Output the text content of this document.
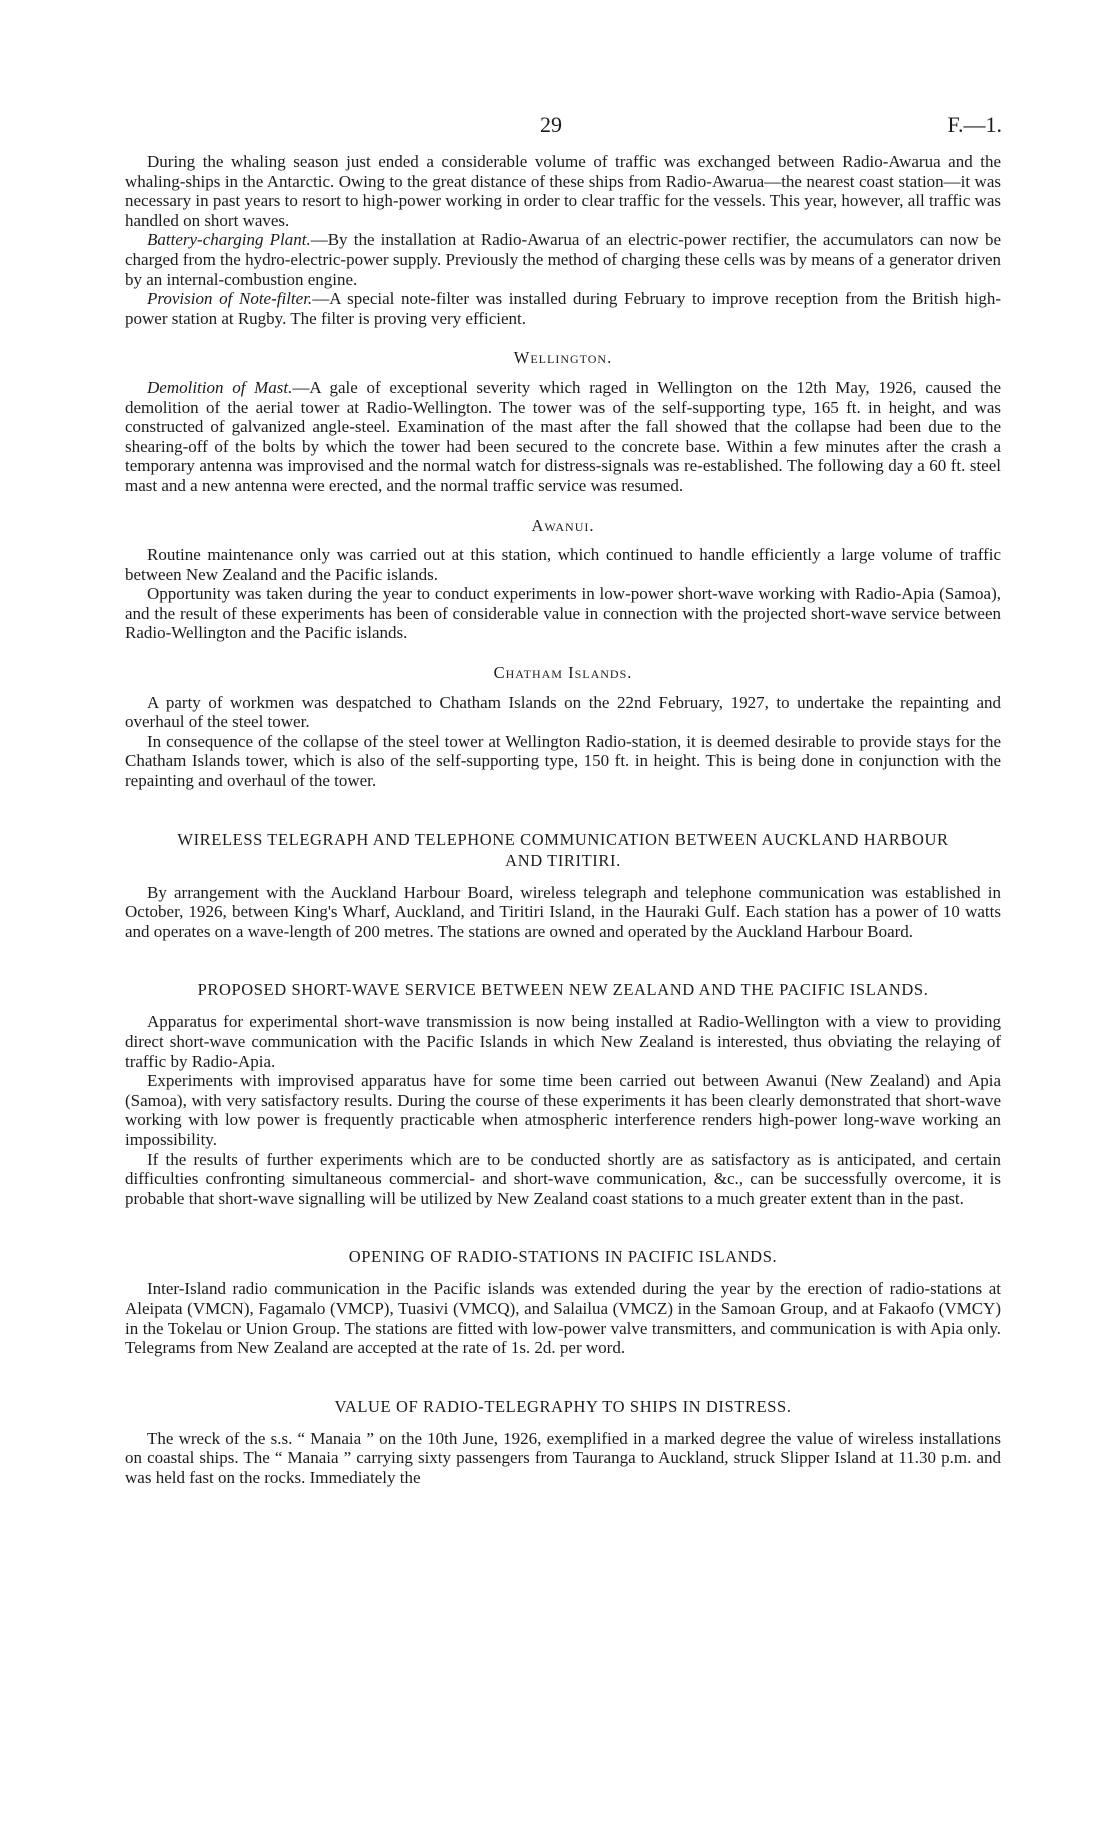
29	F.—1.

During the whaling season just ended a considerable volume of traffic was exchanged between Radio-Awarua and the whaling-ships in the Antarctic. Owing to the great distance of these ships from Radio-Awarua—the nearest coast station—it was necessary in past years to resort to high-power working in order to clear traffic for the vessels. This year, however, all traffic was handled on short waves.

Battery-charging Plant.—By the installation at Radio-Awarua of an electric-power rectifier, the accumulators can now be charged from the hydro-electric-power supply. Previously the method of charging these cells was by means of a generator driven by an internal-combustion engine.

Provision of Note-filter.—A special note-filter was installed during February to improve reception from the British high-power station at Rugby. The filter is proving very efficient.

Wellington.

Demolition of Mast.—A gale of exceptional severity which raged in Wellington on the 12th May, 1926, caused the demolition of the aerial tower at Radio-Wellington. The tower was of the self-supporting type, 165 ft. in height, and was constructed of galvanized angle-steel. Examination of the mast after the fall showed that the collapse had been due to the shearing-off of the bolts by which the tower had been secured to the concrete base. Within a few minutes after the crash a temporary antenna was improvised and the normal watch for distress-signals was re-established. The following day a 60 ft. steel mast and a new antenna were erected, and the normal traffic service was resumed.

Awanui.

Routine maintenance only was carried out at this station, which continued to handle efficiently a large volume of traffic between New Zealand and the Pacific islands.

Opportunity was taken during the year to conduct experiments in low-power short-wave working with Radio-Apia (Samoa), and the result of these experiments has been of considerable value in connection with the projected short-wave service between Radio-Wellington and the Pacific islands.

Chatham Islands.

A party of workmen was despatched to Chatham Islands on the 22nd February, 1927, to undertake the repainting and overhaul of the steel tower.

In consequence of the collapse of the steel tower at Wellington Radio-station, it is deemed desirable to provide stays for the Chatham Islands tower, which is also of the self-supporting type, 150 ft. in height. This is being done in conjunction with the repainting and overhaul of the tower.

WIRELESS TELEGRAPH AND TELEPHONE COMMUNICATION BETWEEN AUCKLAND HARBOUR AND TIRITIRI.

By arrangement with the Auckland Harbour Board, wireless telegraph and telephone communication was established in October, 1926, between King's Wharf, Auckland, and Tiritiri Island, in the Hauraki Gulf. Each station has a power of 10 watts and operates on a wave-length of 200 metres. The stations are owned and operated by the Auckland Harbour Board.

PROPOSED SHORT-WAVE SERVICE BETWEEN NEW ZEALAND AND THE PACIFIC ISLANDS.

Apparatus for experimental short-wave transmission is now being installed at Radio-Wellington with a view to providing direct short-wave communication with the Pacific Islands in which New Zealand is interested, thus obviating the relaying of traffic by Radio-Apia.

Experiments with improvised apparatus have for some time been carried out between Awanui (New Zealand) and Apia (Samoa), with very satisfactory results. During the course of these experiments it has been clearly demonstrated that short-wave working with low power is frequently practicable when atmospheric interference renders high-power long-wave working an impossibility.

If the results of further experiments which are to be conducted shortly are as satisfactory as is anticipated, and certain difficulties confronting simultaneous commercial- and short-wave communication, &c., can be successfully overcome, it is probable that short-wave signalling will be utilized by New Zealand coast stations to a much greater extent than in the past.

OPENING OF RADIO-STATIONS IN PACIFIC ISLANDS.

Inter-Island radio communication in the Pacific islands was extended during the year by the erection of radio-stations at Aleipata (VMCN), Fagamalo (VMCP), Tuasivi (VMCQ), and Salailua (VMCZ) in the Samoan Group, and at Fakaofo (VMCY) in the Tokelau or Union Group. The stations are fitted with low-power valve transmitters, and communication is with Apia only. Telegrams from New Zealand are accepted at the rate of 1s. 2d. per word.

VALUE OF RADIO-TELEGRAPHY TO SHIPS IN DISTRESS.

The wreck of the s.s. “ Manaia ” on the 10th June, 1926, exemplified in a marked degree the value of wireless installations on coastal ships. The “ Manaia ” carrying sixty passengers from Tauranga to Auckland, struck Slipper Island at 11.30 p.m. and was held fast on the rocks. Immediately the
